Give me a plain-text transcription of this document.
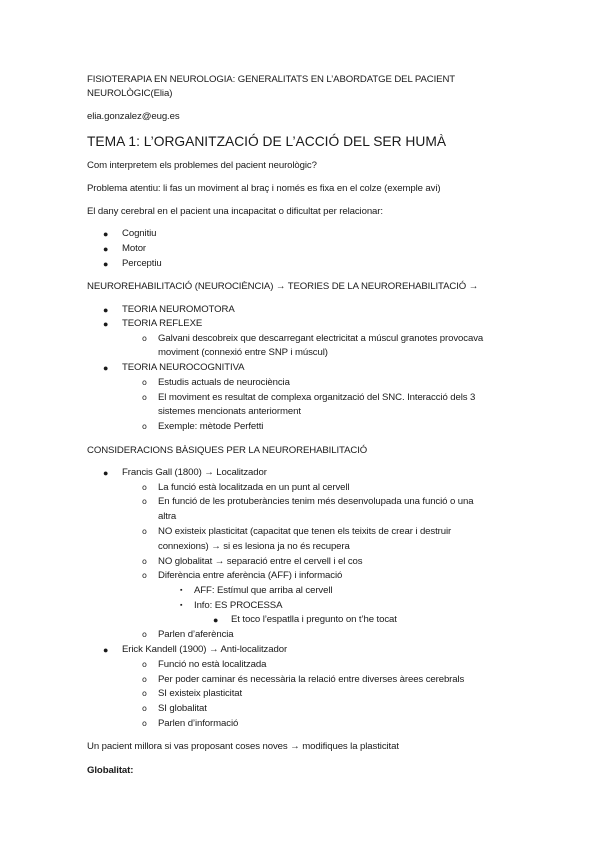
FISIOTERAPIA EN NEUROLOGIA: GENERALITATS EN L’ABORDATGE DEL PACIENT
NEUROLÒGIC(Elia)
elia.gonzalez@eug.es
TEMA 1: L’ORGANITZACIÓ DE L’ACCIÓ DEL SER HUMÀ
Com interpretem els problemes del pacient neurològic?
Problema atentiu: li fas un moviment al braç i només es fixa en el colze (exemple avi)
El dany cerebral en el pacient una incapacitat o dificultat per relacionar:
● Cognitiu
● Motor
● Perceptiu
NEUROREHABILITACIÓ (NEUROCIÈNCIA) → TEORIES DE LA NEUROREHABILITACIÓ →
● TEORIA NEUROMOTORA
● TEORIA REFLEXE
o Galvani descobreix que descarregant electricitat a múscul granotes provocava
moviment (connexió entre SNP i múscul)
● TEORIA NEUROCOGNITIVA
o Estudis actuals de neurociència
o El moviment es resultat de complexa organització del SNC. Interacció dels 3
sistemes mencionats anteriorment
o Exemple: mètode Perfetti
CONSIDERACIONS BÀSIQUES PER LA NEUROREHABILITACIÓ
● Francis Gall (1800) → Localitzador
o La funció està localitzada en un punt al cervell
o En funció de les protuberàncies tenim més desenvolupada una funció o una
altra
o NO existeix plasticitat (capacitat que tenen els teixits de crear i destruir
connexions) → si es lesiona ja no és recupera
o NO globalitat → separació entre el cervell i el cos
o Diferència entre aferència (AFF) i informació
▪ AFF: Estímul que arriba al cervell
▪ Info: ES PROCESSA
● Et toco l’espatlla i pregunto on t’he tocat
o Parlen d’aferència
● Erick Kandell (1900) → Anti-localitzador
o Funció no està localitzada
o Per poder caminar és necessària la relació entre diverses àrees cerebrals
o SI existeix plasticitat
o SI globalitat
o Parlen d’informació
Un pacient millora si vas proposant coses noves → modifiques la plasticitat
Globalitat:
